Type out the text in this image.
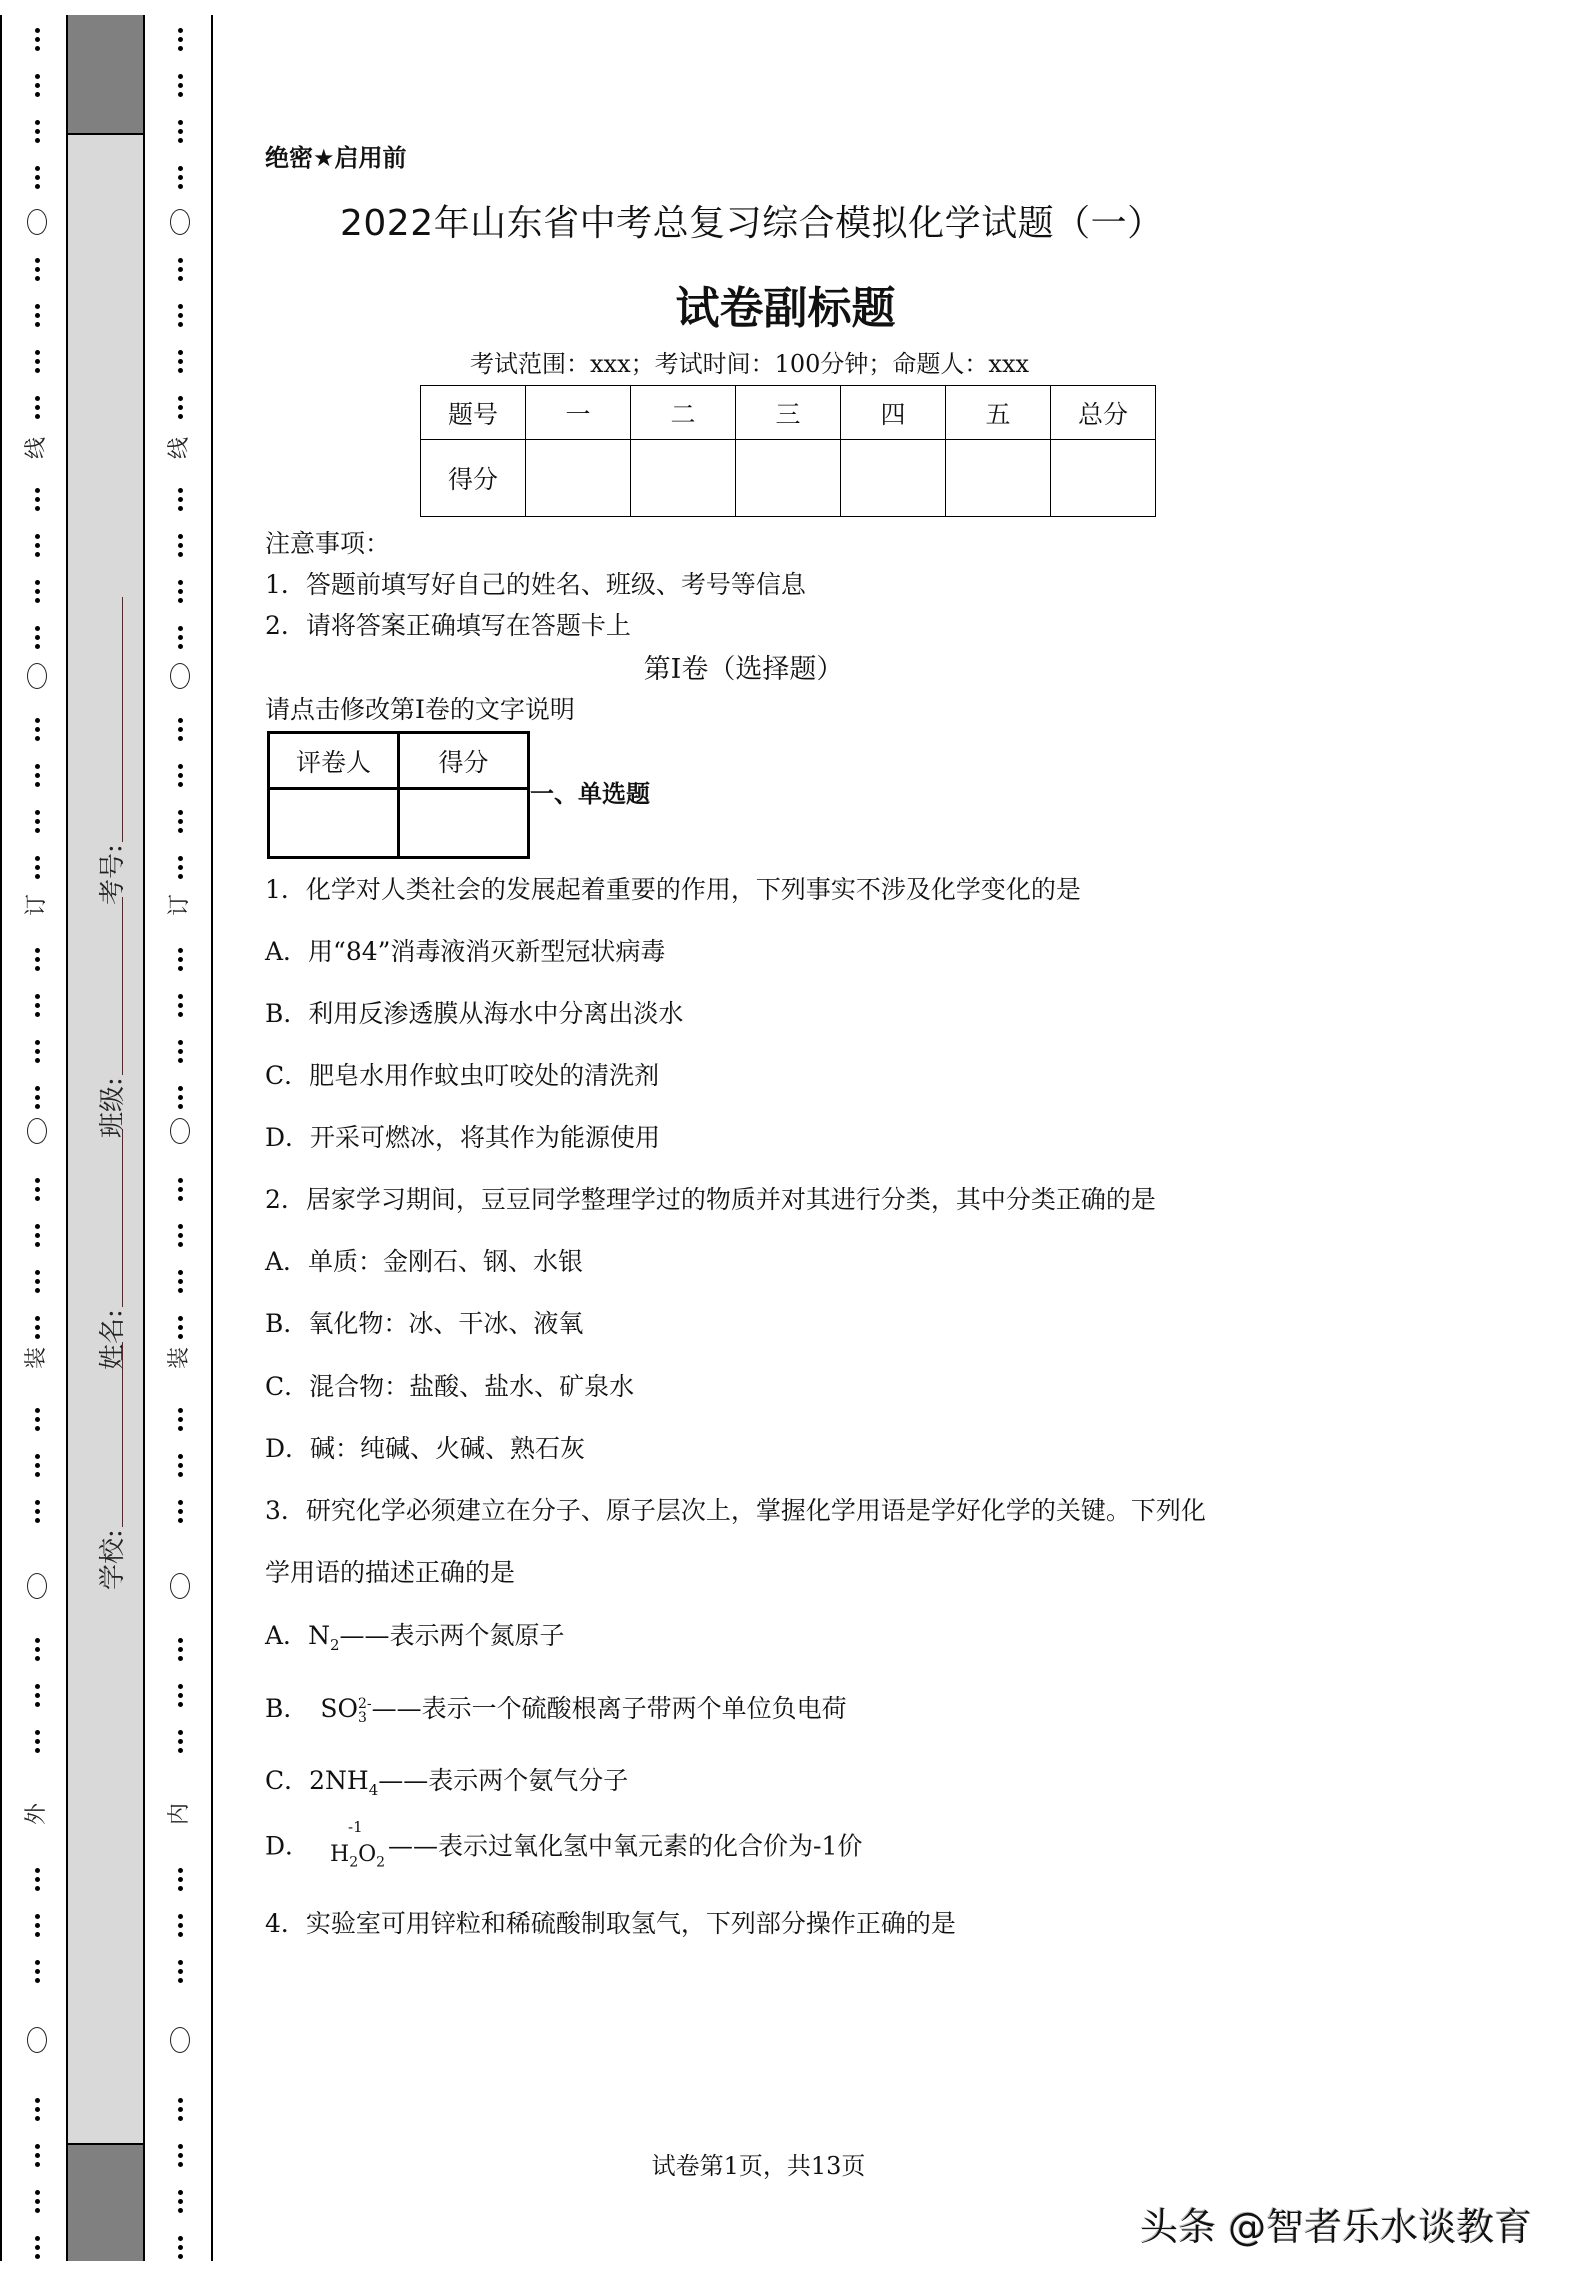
线
订
装
外
线
订
装
内
学校:
姓名:
班级:
考号:
绝密★启用前
2022年山东省中考总复习综合模拟化学试题（一）
试卷副标题
考试范围：xxx；考试时间：100分钟；命题人：xxx
题号	一	二	三	四	五	总分
得分						
注意事项：
1．答题前填写好自己的姓名、班级、考号等信息
2．请将答案正确填写在答题卡上
第I卷（选择题）
请点击修改第I卷的文字说明
评卷人	得分

一、单选题
1．化学对人类社会的发展起着重要的作用，下列事实不涉及化学变化的是
A．用“84”消毒液消灭新型冠状病毒
B．利用反渗透膜从海水中分离出淡水
C．肥皂水用作蚊虫叮咬处的清洗剂
D．开采可燃冰，将其作为能源使用
2．居家学习期间，豆豆同学整理学过的物质并对其进行分类，其中分类正确的是
A．单质：金刚石、钢、水银
B．氧化物：冰、干冰、液氧
C．混合物：盐酸、盐水、矿泉水
D．碱：纯碱、火碱、熟石灰
3．研究化学必须建立在分子、原子层次上，掌握化学用语是学好化学的关键。下列化
学用语的描述正确的是
A．$N_2——$表示两个氮原子
B． SO 2-
3 ——表示一个硫酸根离子带两个单位负电荷
C．$2NH_4——$表示两个氨气分子
D．
-1
$H_2O_2$
——表示过氧化氢中氧元素的化合价为-1价
4．实验室可用锌粒和稀硫酸制取氢气，下列部分操作正确的是
试卷第1页，共13页
头条 @智者乐水谈教育
